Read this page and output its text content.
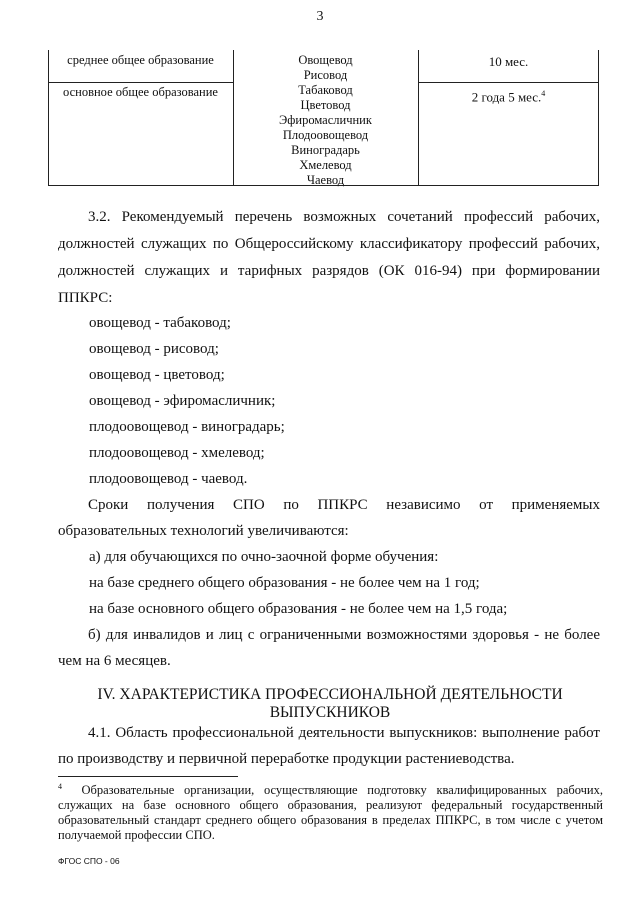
3
среднее общее образование
основное общее образование
Овощевод
Рисовод
Табаковод
Цветовод
Эфиромасличник
Плодоовощевод
Виноградарь
Хмелевод
Чаевод
10 мес.
2 года 5 мес.$^4$
3.2. Рекомендуемый перечень возможных сочетаний профессий рабочих, должностей служащих по Общероссийскому классификатору профессий рабочих, должностей служащих и тарифных разрядов (ОК 016-94) при формировании ППКРС:
овощевод - табаковод;
овощевод - рисовод;
овощевод - цветовод;
овощевод - эфиромасличник;
плодоовощевод - виноградарь;
плодоовощевод - хмелевод;
плодоовощевод - чаевод.
Сроки получения СПО по ППКРС независимо от применяемых образовательных технологий увеличиваются:
а) для обучающихся по очно-заочной форме обучения:
на базе среднего общего образования - не более чем на 1 год;
на базе основного общего образования - не более чем на 1,5 года;
б) для инвалидов и лиц с ограниченными возможностями здоровья - не более чем на 6 месяцев.
IV. ХАРАКТЕРИСТИКА ПРОФЕССИОНАЛЬНОЙ ДЕЯТЕЛЬНОСТИ
ВЫПУСКНИКОВ
4.1. Область профессиональной деятельности выпускников: выполнение работ по производству и первичной переработке продукции растениеводства.
$^4$ Образовательные организации, осуществляющие подготовку квалифицированных рабочих, служащих на базе основного общего образования, реализуют федеральный государственный образовательный стандарт среднего общего образования в пределах ППКРС, в том числе с учетом получаемой профессии СПО.
ФГОС СПО - 06
